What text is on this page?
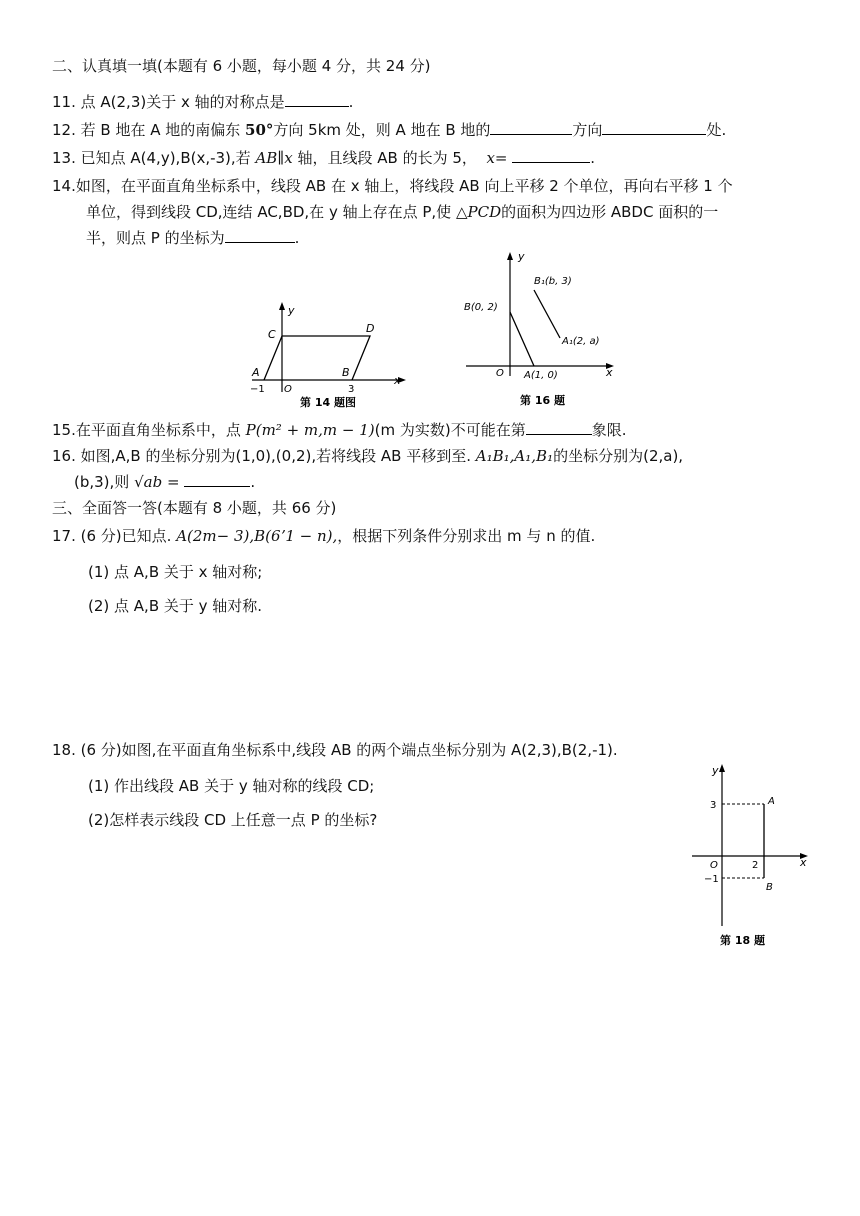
二、认真填一填(本题有 6 小题，每小题 4 分，共 24 分)
11. 点 A(2,3)关于 x 轴的对称点是	.
12. 若 B 地在 A 地的南偏东 50°方向 5km 处，则 A 地在 B 地的	方向	处.
13. 已知点 A(4,y),B(x,-3),若 AB∥x 轴，且线段 AB 的长为 5， x=	.
14.如图，在平面直角坐标系中，线段 AB 在 x 轴上，将线段 AB 向上平移 2 个单位，再向右平移 1 个
单位，得到线段 CD,连结 AC,BD,在 y 轴上存在点 P,使 △PCD的面积为四边形 ABDC 面积的一
半，则点 P 的坐标为	.
y
x
C	D
A	B
−1 O	3
第 14 题图
y
x
O
B(0, 2)
A(1, 0)
B₁(b, 3)
A₁(2, a)
第 16 题
15.在平面直角坐标系中，点 P(m² + m,m − 1)(m 为实数)不可能在第	象限.
16. 如图,A,B 的坐标分别为(1,0),(0,2),若将线段 AB 平移到至. A₁B₁,A₁,B₁的坐标分别为(2,a),
(b,3),则 √ab =	.
三、全面答一答(本题有 8 小题，共 66 分)
17. (6 分)已知点. A(2m− 3),B(6ʼ1 − n),，根据下列条件分别求出 m 与 n 的值.
(1) 点 A,B 关于 x 轴对称;
(2) 点 A,B 关于 y 轴对称.
18. (6 分)如图,在平面直角坐标系中,线段 AB 的两个端点坐标分别为 A(2,3),B(2,-1).
(1) 作出线段 AB 关于 y 轴对称的线段 CD;
(2)怎样表示线段 CD 上任意一点 P 的坐标?
y
x
O
3
−1
2
A
B
第 18 题
